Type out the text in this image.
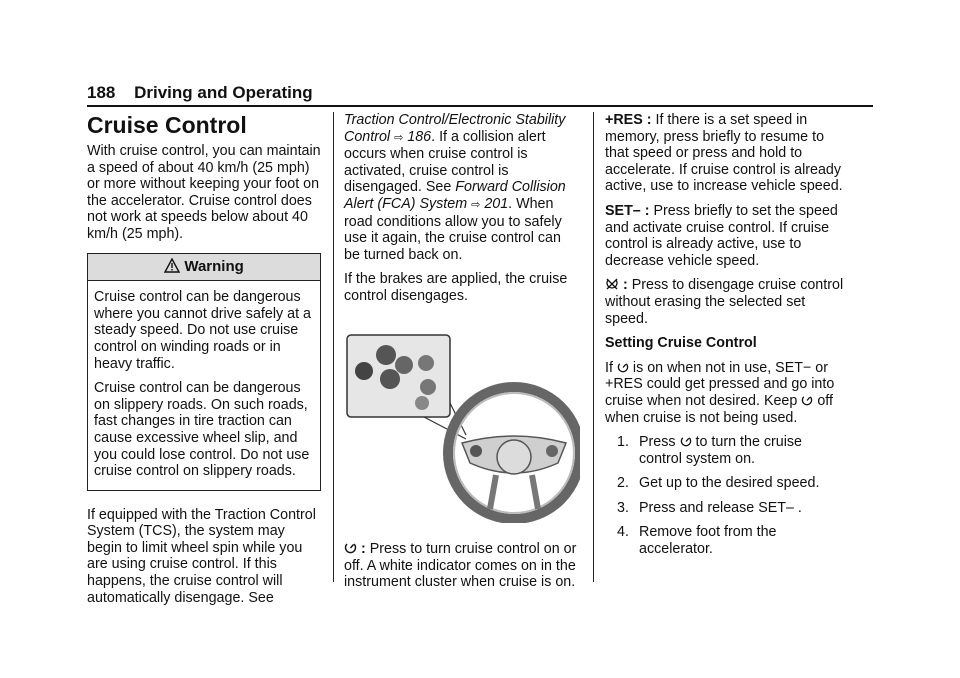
188 Driving and Operating
Cruise Control

With cruise control, you can maintain a speed of about 40 km/h (25 mph) or more without keeping your foot on the accelerator. Cruise control does not work at speeds below about 40 km/h (25 mph).

Warning

Cruise control can be dangerous where you cannot drive safely at a steady speed. Do not use cruise control on winding roads or in heavy traffic.

Cruise control can be dangerous on slippery roads. On such roads, fast changes in tire traction can cause excessive wheel slip, and you could lose control. Do not use cruise control on slippery roads.

If equipped with the Traction Control System (TCS), the system may begin to limit wheel spin while you are using cruise control. If this happens, the cruise control will automatically disengage. See

Traction Control/Electronic Stability Control ⇨ 186. If a collision alert occurs when cruise control is activated, cruise control is disengaged. See Forward Collision Alert (FCA) System ⇨ 201. When road conditions allow you to safely use it again, the cruise control can be turned back on.

If the brakes are applied, the cruise control disengages.

: Press to turn cruise control on or off. A white indicator comes on in the instrument cluster when cruise is on.

+RES : If there is a set speed in memory, press briefly to resume to that speed or press and hold to accelerate. If cruise control is already active, use to increase vehicle speed.

SET– : Press briefly to set the speed and activate cruise control. If cruise control is already active, use to decrease vehicle speed.

: Press to disengage cruise control without erasing the selected set speed.

Setting Cruise Control

If is on when not in use, SET− or +RES could get pressed and go into cruise when not desired. Keep off when cruise is not being used.

1. Press to turn the cruise control system on.
2. Get up to the desired speed.
3. Press and release SET– .
4. Remove foot from the accelerator.
